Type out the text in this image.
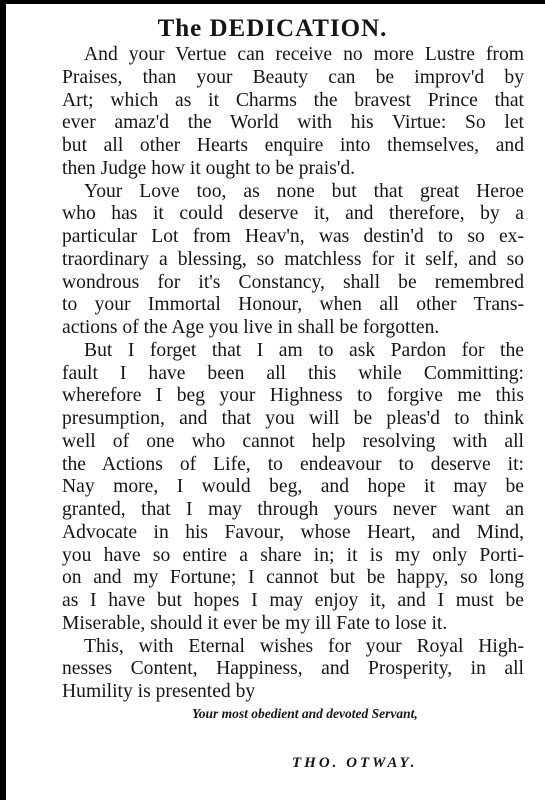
The DEDICATION.
And your Vertue can receive no more Lustre from
Praises, than your Beauty can be improv'd by
Art; which as it Charms the bravest Prince that
ever amaz'd the World with his Virtue: So let
but all other Hearts enquire into themselves, and
then Judge how it ought to be prais'd.
Your Love too, as none but that great Heroe
who has it could deserve it, and therefore, by a
particular Lot from Heav'n, was destin'd to so ex-
traordinary a blessing, so matchless for it self, and so
wondrous for it's Constancy, shall be remembred
to your Immortal Honour, when all other Trans-
actions of the Age you live in shall be forgotten.
But I forget that I am to ask Pardon for the
fault I have been all this while Committing:
wherefore I beg your Highness to forgive me this
presumption, and that you will be pleas'd to think
well of one who cannot help resolving with all
the Actions of Life, to endeavour to deserve it:
Nay more, I would beg, and hope it may be
granted, that I may through yours never want an
Advocate in his Favour, whose Heart, and Mind,
you have so entire a share in; it is my only Porti-
on and my Fortune; I cannot but be happy, so long
as I have but hopes I may enjoy it, and I must be
Miserable, should it ever be my ill Fate to lose it.
This, with Eternal wishes for your Royal High-
nesses Content, Happiness, and Prosperity, in all
Humility is presented by
Your most obedient and devoted Servant,
THO. OTWAY.
